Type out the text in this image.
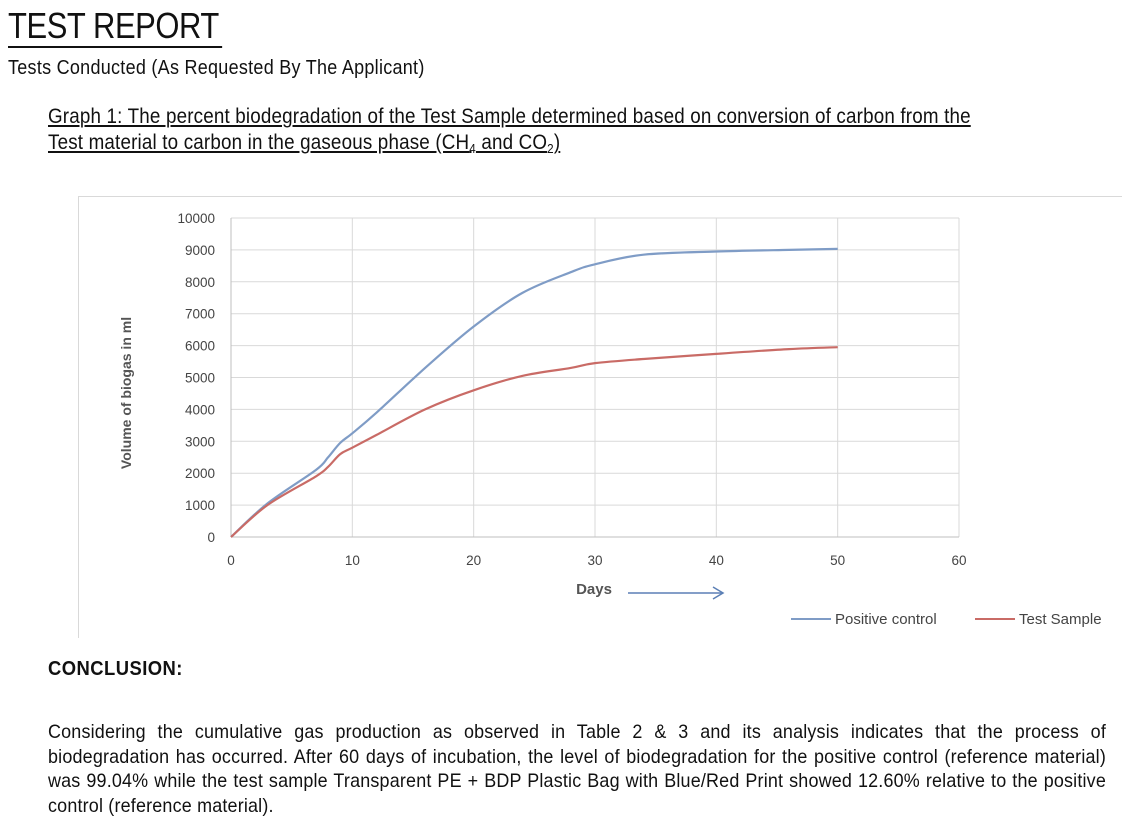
TEST REPORT
Tests Conducted (As Requested By The Applicant)
Graph 1: The percent biodegradation of the Test Sample determined based on conversion of carbon from the
Test material to carbon in the gaseous phase ($CH_4$ and $CO_2$)
0
1000
2000
3000
4000
5000
6000
7000
8000
9000
10000
0	10	20	30	40	50	60
Volume of biogas in ml
Days
Positive control	Test Sample
CONCLUSION:
Considering the cumulative gas production as observed in Table 2 & 3 and its analysis indicates that the process of biodegradation has occurred. After 60 days of incubation, the level of biodegradation for the positive control (reference material) was 99.04% while the test sample Transparent PE + BDP Plastic Bag with Blue/Red Print showed 12.60% relative to the positive control (reference material).
